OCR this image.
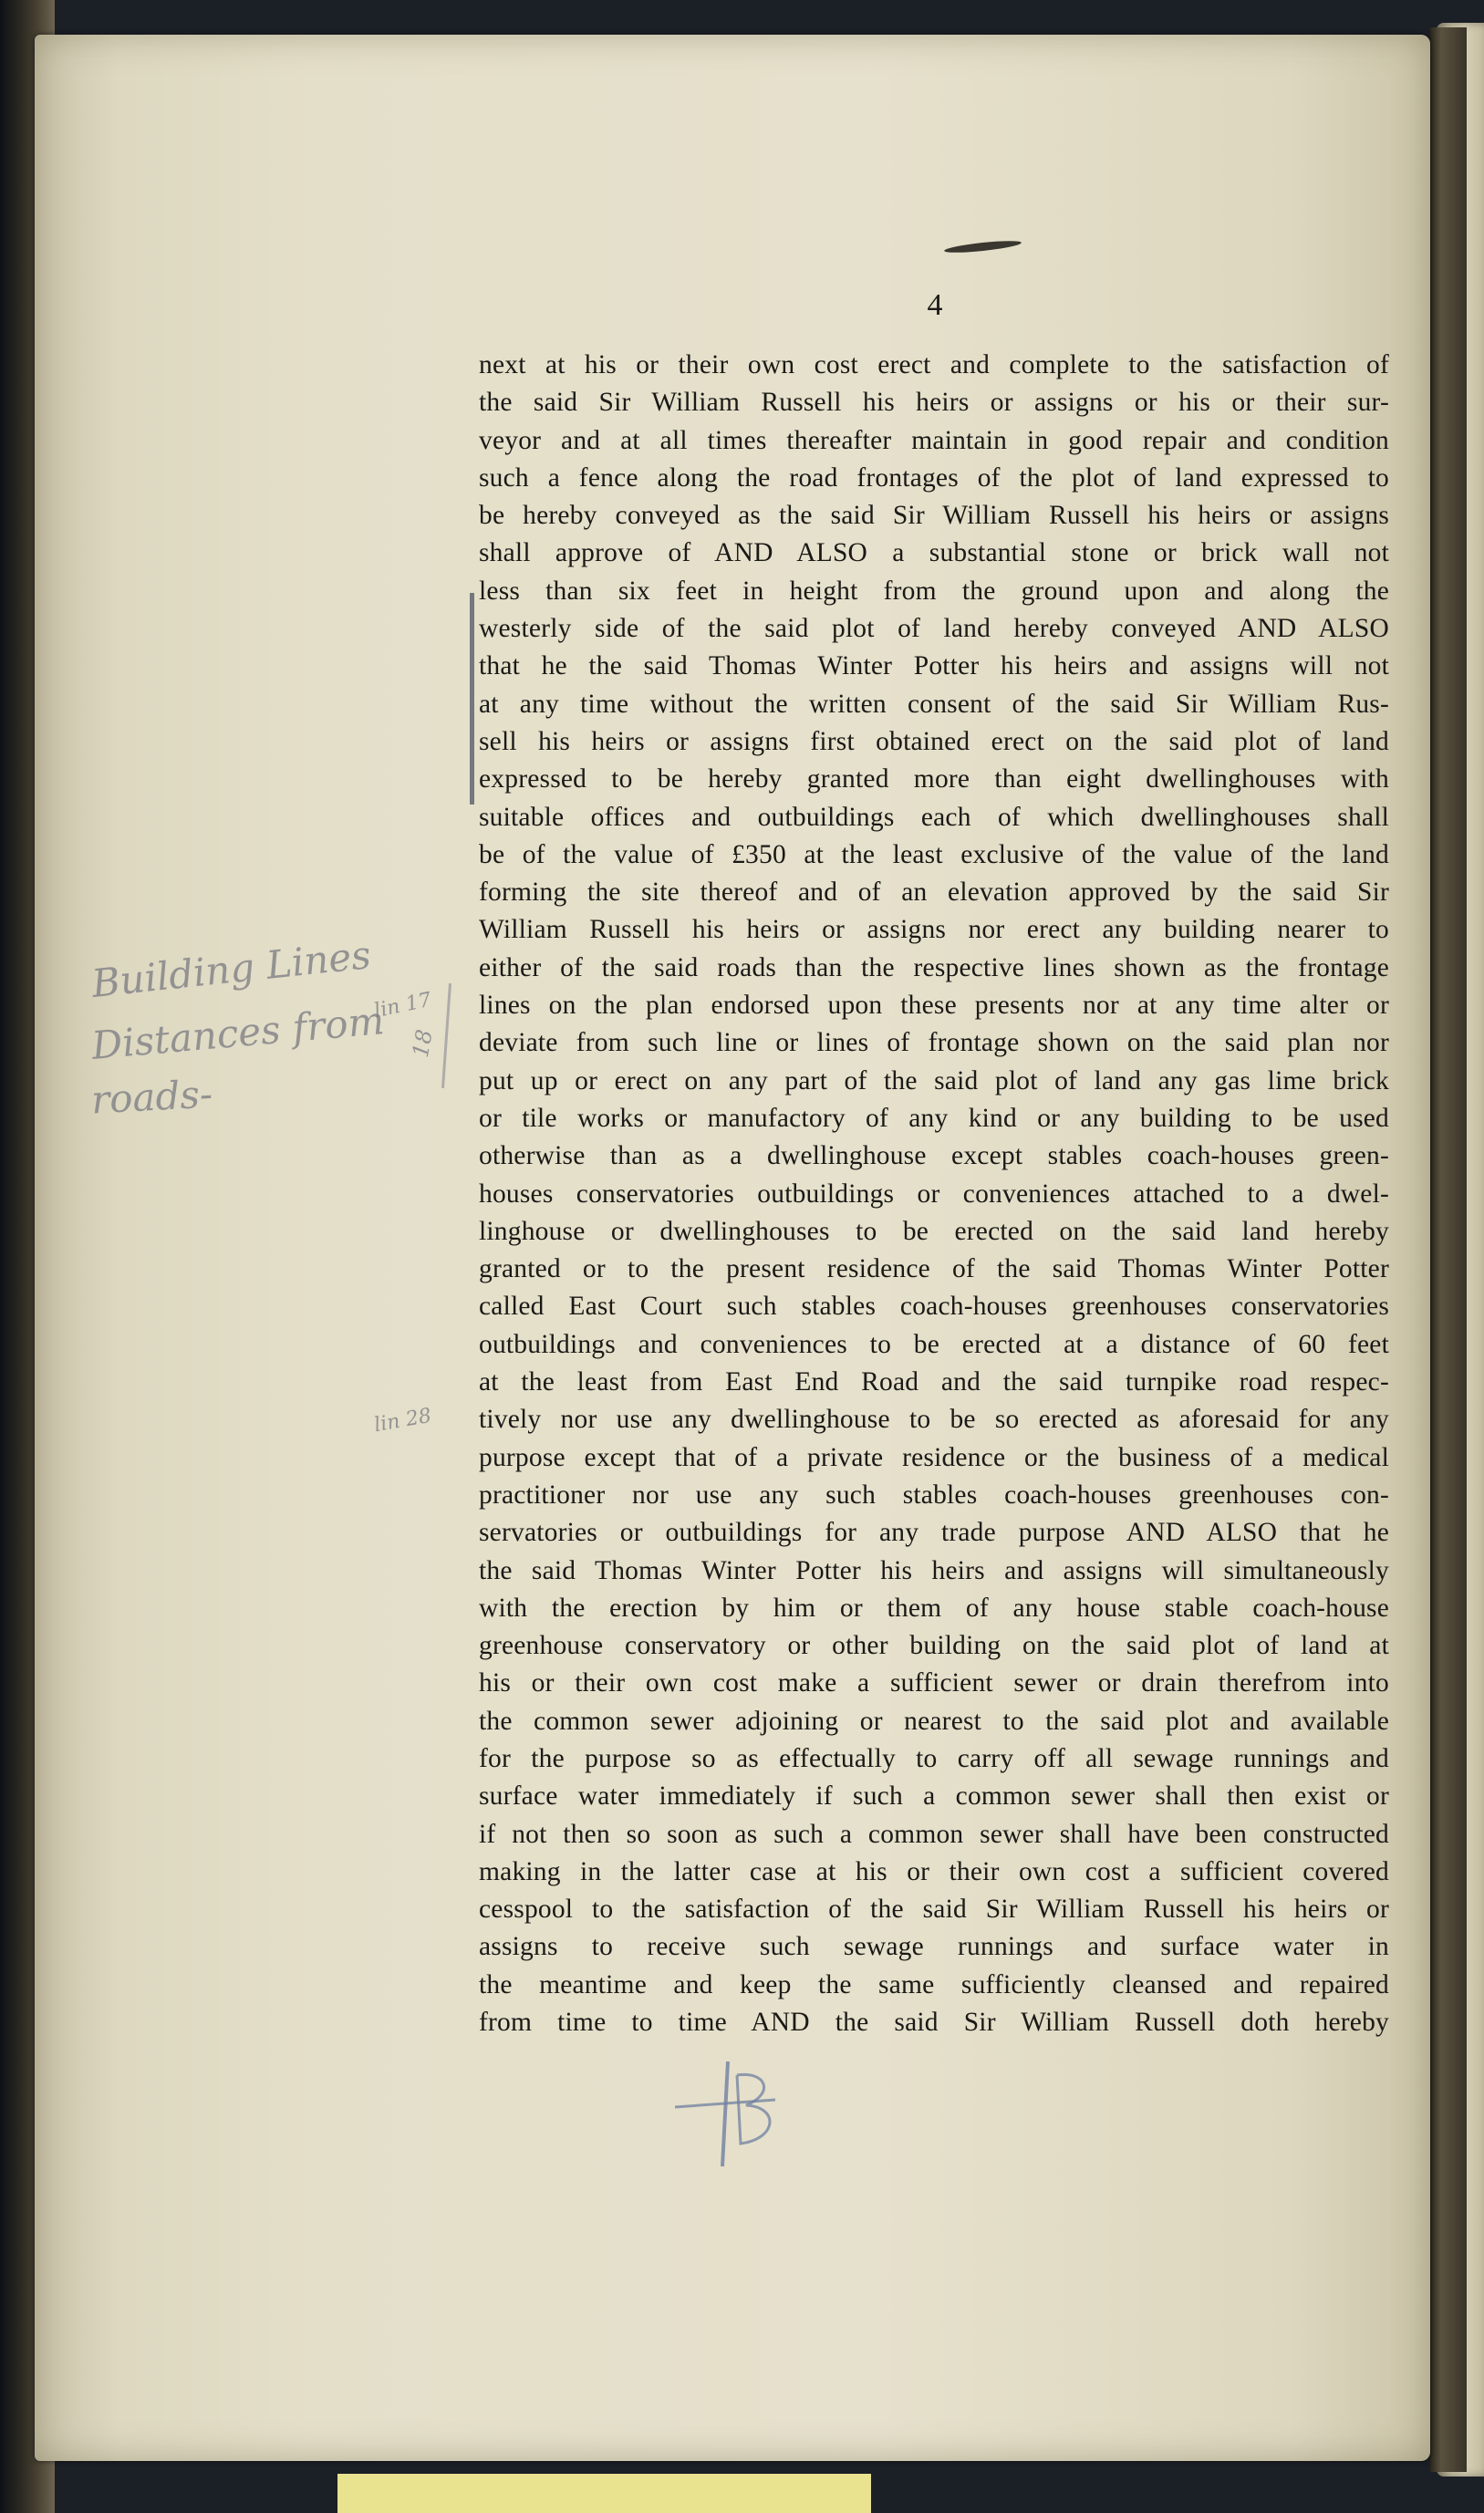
4
next at his or their own cost erect and complete to the satisfaction of
the said Sir William Russell his heirs or assigns or his or their sur-
veyor and at all times thereafter maintain in good repair and condition
such a fence along the road frontages of the plot of land expressed to
be hereby conveyed as the said Sir William Russell his heirs or assigns
shall approve of AND ALSO a substantial stone or brick wall not
less than six feet in height from the ground upon and along the
westerly side of the said plot of land hereby conveyed AND ALSO
that he the said Thomas Winter Potter his heirs and assigns will not
at any time without the written consent of the said Sir William Rus-
sell his heirs or assigns first obtained erect on the said plot of land
expressed to be hereby granted more than eight dwellinghouses with
suitable offices and outbuildings each of which dwellinghouses shall
be of the value of £350 at the least exclusive of the value of the land
forming the site thereof and of an elevation approved by the said Sir
William Russell his heirs or assigns nor erect any building nearer to
either of the said roads than the respective lines shown as the frontage
lines on the plan endorsed upon these presents nor at any time alter or
deviate from such line or lines of frontage shown on the said plan nor
put up or erect on any part of the said plot of land any gas lime brick
or tile works or manufactory of any kind or any building to be used
otherwise than as a dwellinghouse except stables coach-houses green-
houses conservatories outbuildings or conveniences attached to a dwel-
linghouse or dwellinghouses to be erected on the said land hereby
granted or to the present residence of the said Thomas Winter Potter
called East Court such stables coach-houses greenhouses conservatories
outbuildings and conveniences to be erected at a distance of 60 feet
at the least from East End Road and the said turnpike road respec-
tively nor use any dwellinghouse to be so erected as aforesaid for any
purpose except that of a private residence or the business of a medical
practitioner nor use any such stables coach-houses greenhouses con-
servatories or outbuildings for any trade purpose AND ALSO that he
the said Thomas Winter Potter his heirs and assigns will simultaneously
with the erection by him or them of any house stable coach-house
greenhouse conservatory or other building on the said plot of land at
his or their own cost make a sufficient sewer or drain therefrom into
the common sewer adjoining or nearest to the said plot and available
for the purpose so as effectually to carry off all sewage runnings and
surface water immediately if such a common sewer shall then exist or
if not then so soon as such a common sewer shall have been constructed
making in the latter case at his or their own cost a sufficient covered
cesspool to the satisfaction of the said Sir William Russell his heirs or
assigns to receive such sewage runnings and surface water in
the meantime and keep the same sufficiently cleansed and repaired
from time to time AND the said Sir William Russell doth hereby
Building Lines
Distances from
roads-
lin 17
18
lin 28
